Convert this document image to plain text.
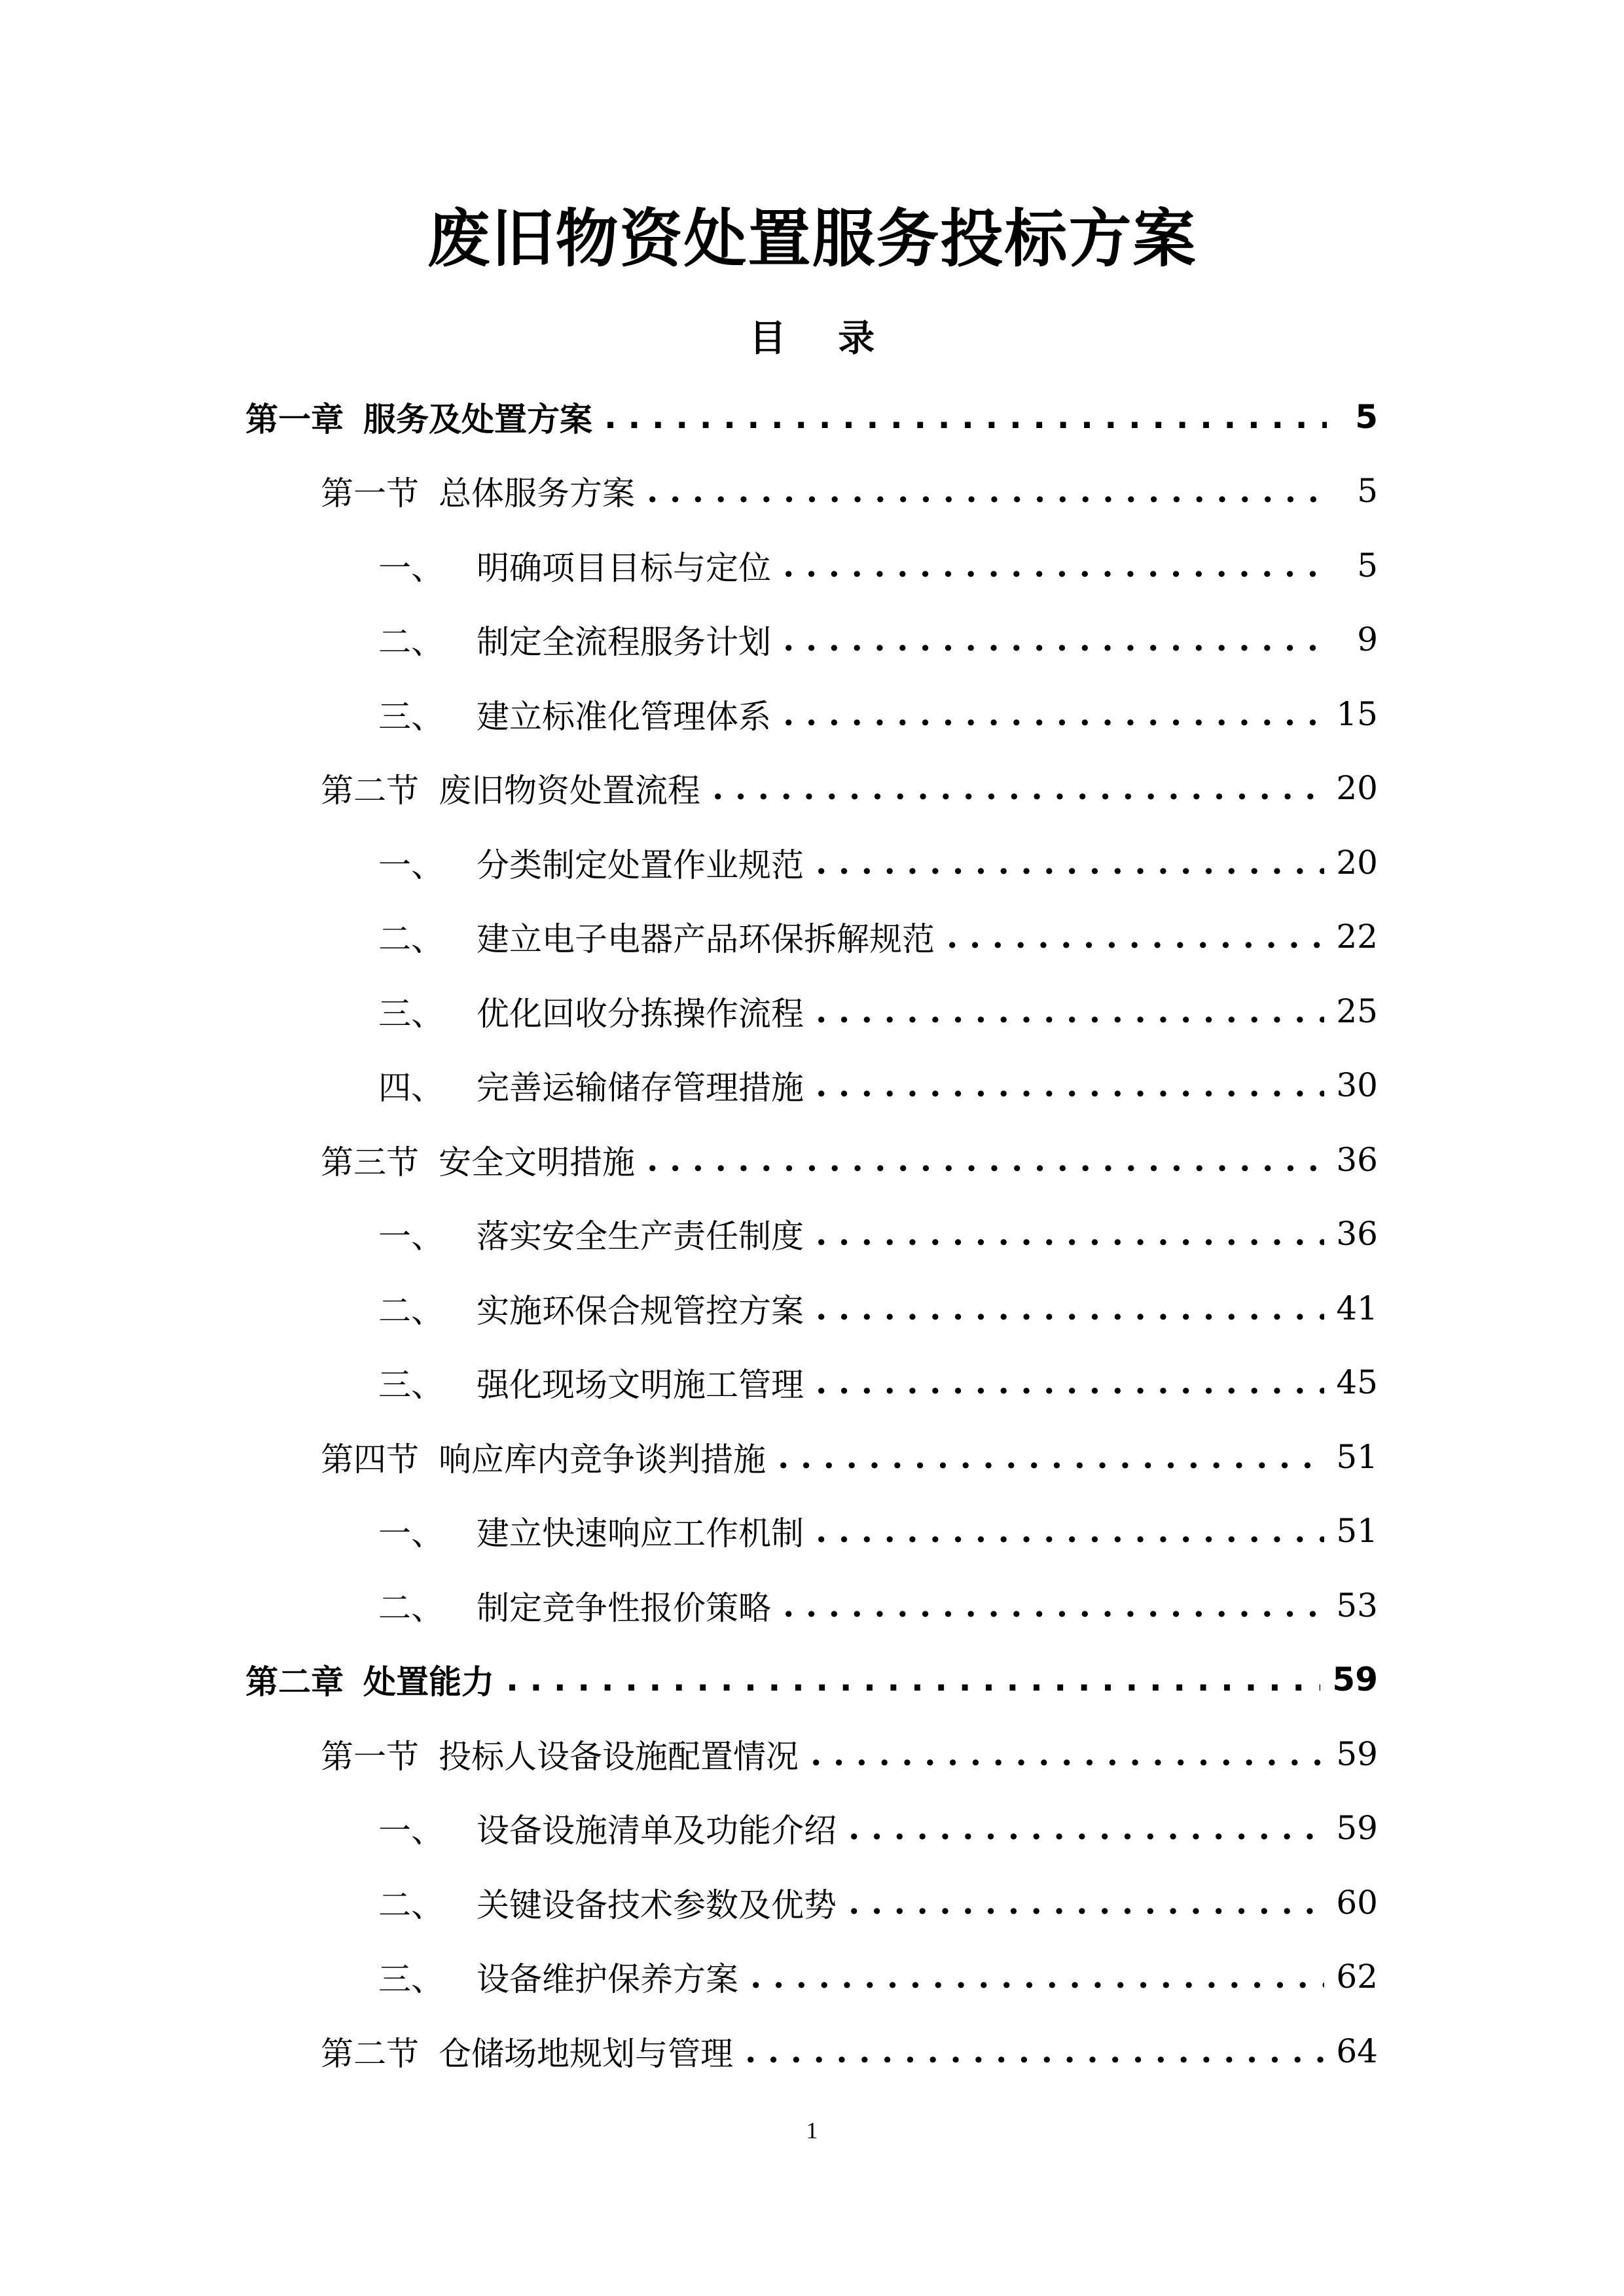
废旧物资处置服务投标方案
目 录
第一章 服务及处置方案 . . .	5
第一节 总体服务方案 . . .	5
一、	明确项目目标与定位 . . .	5
二、	制定全流程服务计划 . . .	9
三、	建立标准化管理体系 . . .	15
第二节 废旧物资处置流程 . . .	20
一、	分类制定处置作业规范 . . .	20
二、	建立电子电器产品环保拆解规范 . . .	22
三、	优化回收分拣操作流程 . . .	25
四、	完善运输储存管理措施 . . .	30
第三节 安全文明措施 . . .	36
一、	落实安全生产责任制度 . . .	36
二、	实施环保合规管控方案 . . .	41
三、	强化现场文明施工管理 . . .	45
第四节 响应库内竞争谈判措施 . . .	51
一、	建立快速响应工作机制 . . .	51
二、	制定竞争性报价策略 . . .	53
第二章 处置能力 . . .	59
第一节 投标人设备设施配置情况 . . .	59
一、	设备设施清单及功能介绍 . . .	59
二、	关键设备技术参数及优势 . . .	60
三、	设备维护保养方案 . . .	62
第二节 仓储场地规划与管理 . . .	64
1
